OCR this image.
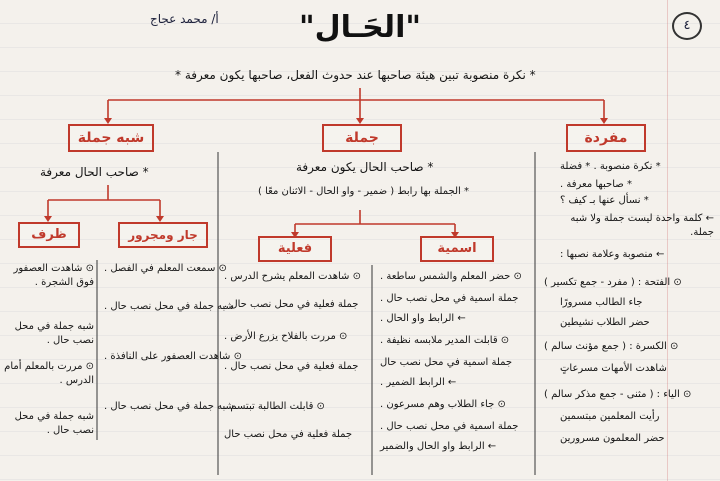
٤
"الحَـال"
أ/ محمد عجاج
* نكرة منصوبة تبين هيئة صاحبها عند حدوث الفعل، صاحبها يكون معرفة *
مفردة
جملة
شبه جملة
* صاحب الحال معرفة
ظرف	جار ومجرور
⊙ سمعت المعلم في الفصل .
شبه جملة في محل نصب حال .
⊙ شاهدت العصفور على النافذة .
شبه جملة في محل نصب حال .
⊙ شاهدت العصفور فوق الشجرة .
شبه جملة في محل نصب حال .
⊙ مررت بالمعلم أمام الدرس .
شبه جملة في محل نصب حال .
* صاحب الحال يكون معرفة
* الجملة بها رابط ( ضمير - واو الحال - الاثنان معًا )
فعلية	اسمية
⊙ حضر المعلم والشمس ساطعة .
جملة اسمية في محل نصب حال .
← الرابط واو الحال .
⊙ قابلت المدير ملابسه نظيفة .
جملة اسمية في محل نصب حال
← الرابط الضمير .
⊙ جاء الطلاب وهم مسرعون .
جملة اسمية في محل نصب حال .
← الرابط واو الحال والضمير
⊙ شاهدت المعلم يشرح الدرس .
جملة فعلية في محل نصب حال .
⊙ مررت بالفلاح يزرع الأرض .
جملة فعلية في محل نصب حال .
⊙ قابلت الطالبة تبتسم .
جملة فعلية في محل نصب حال
* نكرة منصوبة . * فضلة
* صاحبها معرفة .
* نسأل عنها بـ كيف ؟
← كلمة واحدة ليست جملة ولا شبه جملة.
← منصوبة وعلامة نصبها :
⊙ الفتحة : ( مفرد - جمع تكسير )
جاء الطالب مسرورًا
حضر الطلاب نشيطين
⊙ الكسرة : ( جمع مؤنث سالم )
شاهدت الأمهات مسرعاتٍ
⊙ الياء : ( مثنى - جمع مذكر سالم )
رأيت المعلمين مبتسمين
حضر المعلمون مسرورين
